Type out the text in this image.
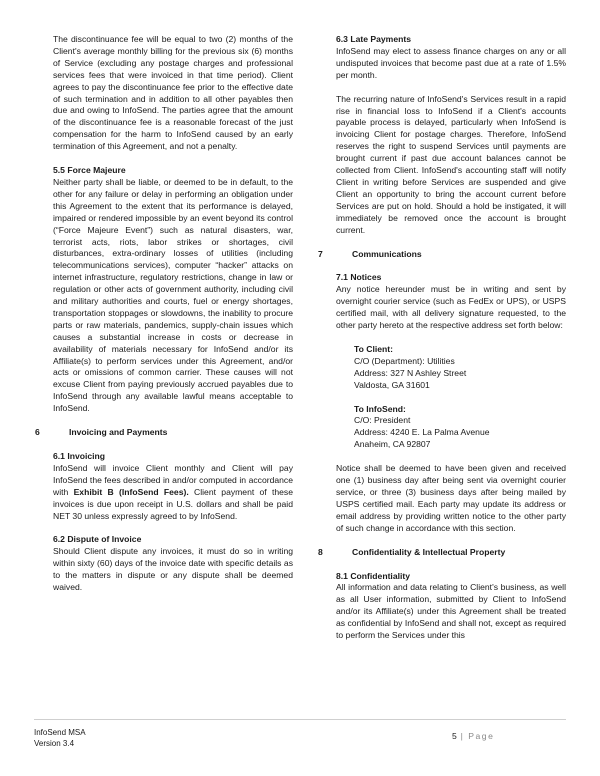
The discontinuance fee will be equal to two (2) months of the Client's average monthly billing for the previous six (6) months of Service (excluding any postage charges and professional services fees that were invoiced in that time period). Client agrees to pay the discontinuance fee prior to the effective date of such termination and in addition to all other payables then due and owing to InfoSend. The parties agree that the amount of the discontinuance fee is a reasonable forecast of the just compensation for the harm to InfoSend caused by an early termination of this Agreement, and not a penalty.

5.5 Force Majeure

Neither party shall be liable, or deemed to be in default, to the other for any failure or delay in performing an obligation under this Agreement to the extent that its performance is delayed, impaired or rendered impossible by an event beyond its control (“Force Majeure Event”) such as natural disasters, war, terrorist acts, riots, labor strikes or shortages, civil disturbances, extra-ordinary losses of utilities (including telecommunications services), computer “hacker” attacks on internet infrastructure, regulatory restrictions, change in law or regulation or other acts of government authority, including civil and military authorities and courts, fuel or energy shortages, transportation stoppages or slowdowns, the inability to procure parts or raw materials, pandemics, supply-chain issues which causes a substantial increase in costs or decrease in availability of materials necessary for InfoSend and/or its Affiliate(s) to perform services under this Agreement, and/or acts or omissions of common carrier. These causes will not excuse Client from paying previously accrued payables due to InfoSend through any available lawful means acceptable to InfoSend.

6	Invoicing and Payments

6.1 Invoicing

InfoSend will invoice Client monthly and Client will pay InfoSend the fees described in and/or computed in accordance with Exhibit B (InfoSend Fees). Client payment of these invoices is due upon receipt in U.S. dollars and shall be paid NET 30 unless expressly agreed to by InfoSend.

6.2 Dispute of Invoice

Should Client dispute any invoices, it must do so in writing within sixty (60) days of the invoice date with specific details as to the matters in dispute or any dispute shall be deemed waived.

6.3 Late Payments

InfoSend may elect to assess finance charges on any or all undisputed invoices that become past due at a rate of 1.5% per month.

The recurring nature of InfoSend's Services result in a rapid rise in financial loss to InfoSend if a Client's accounts payable process is delayed, particularly when InfoSend is invoicing Client for postage charges. Therefore, InfoSend reserves the right to suspend Services until payments are brought current if past due account balances cannot be collected from Client. InfoSend's accounting staff will notify Client in writing before Services are suspended and give Client an opportunity to bring the account current before Services are put on hold. Should a hold be instigated, it will immediately be removed once the account is brought current.

7	Communications

7.1 Notices

Any notice hereunder must be in writing and sent by overnight courier service (such as FedEx or UPS), or USPS certified mail, with all delivery signature requested, to the other party hereto at the respective address set forth below:

To Client:
C/O (Department): Utilities
Address: 327 N Ashley Street
Valdosta, GA 31601
To InfoSend:
C/O: President
Address: 4240 E. La Palma Avenue
Anaheim, CA 92807

Notice shall be deemed to have been given and received one (1) business day after being sent via overnight courier service, or three (3) business days after being mailed by USPS certified mail. Each party may update its address or email address by providing written notice to the other party of such change in accordance with this section.

8	Confidentiality & Intellectual Property

8.1 Confidentiality

All information and data relating to Client's business, as well as all User information, submitted by Client to InfoSend and/or its Affiliate(s) under this Agreement shall be treated as confidential by InfoSend and shall not, except as required to perform the Services under this

InfoSend MSA
Version 3.4
5 | Page
